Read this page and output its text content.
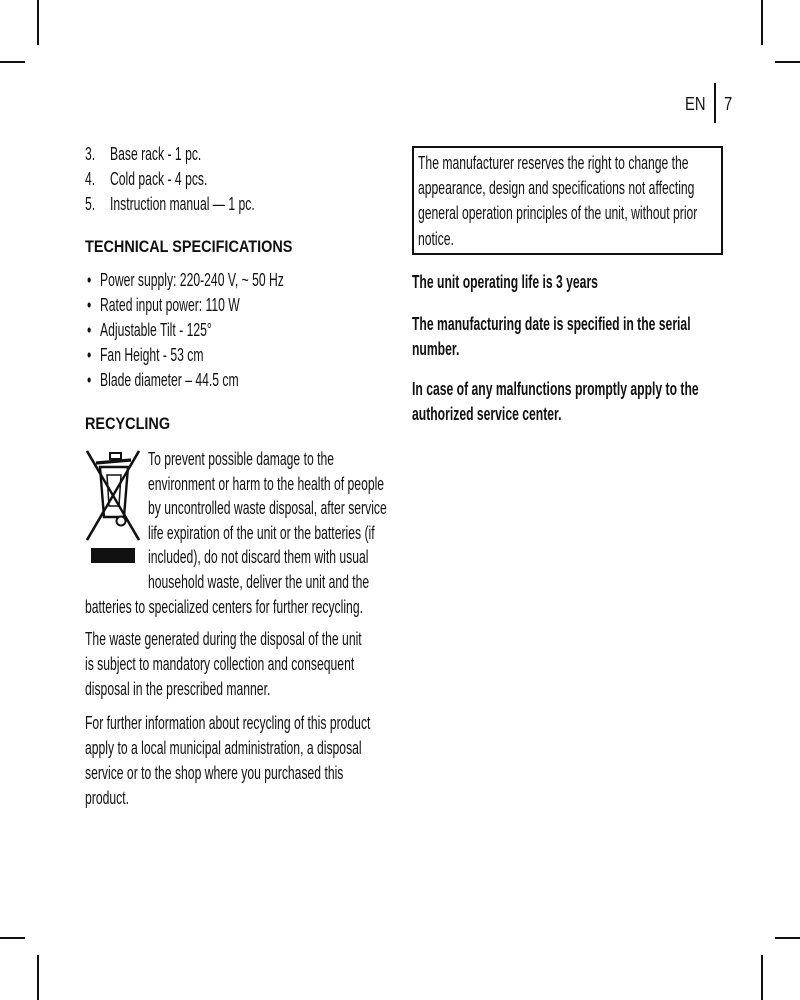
EN 7
3. Base rack - 1 pc.
4. Cold pack - 4 pcs.
5. Instruction manual — 1 pc.
TECHNICAL SPECIFICATIONS
• Power supply: 220-240 V, ~ 50 Hz
• Rated input power: 110 W
• Adjustable Tilt - 125°
• Fan Height - 53 cm
• Blade diameter – 44.5 cm
RECYCLING
To prevent possible damage to the
environment or harm to the health of people
by uncontrolled waste disposal, after service
life expiration of the unit or the batteries (if
included), do not discard them with usual
household waste, deliver the unit and the
batteries to specialized centers for further recycling.
The waste generated during the disposal of the unit
is subject to mandatory collection and consequent
disposal in the prescribed manner.
For further information about recycling of this product
apply to a local municipal administration, a disposal
service or to the shop where you purchased this
product.
The manufacturer reserves the right to change the
appearance, design and specifications not affecting
general operation principles of the unit, without prior
notice.
The unit operating life is 3 years
The manufacturing date is specified in the serial
number.
In case of any malfunctions promptly apply to the
authorized service center.
